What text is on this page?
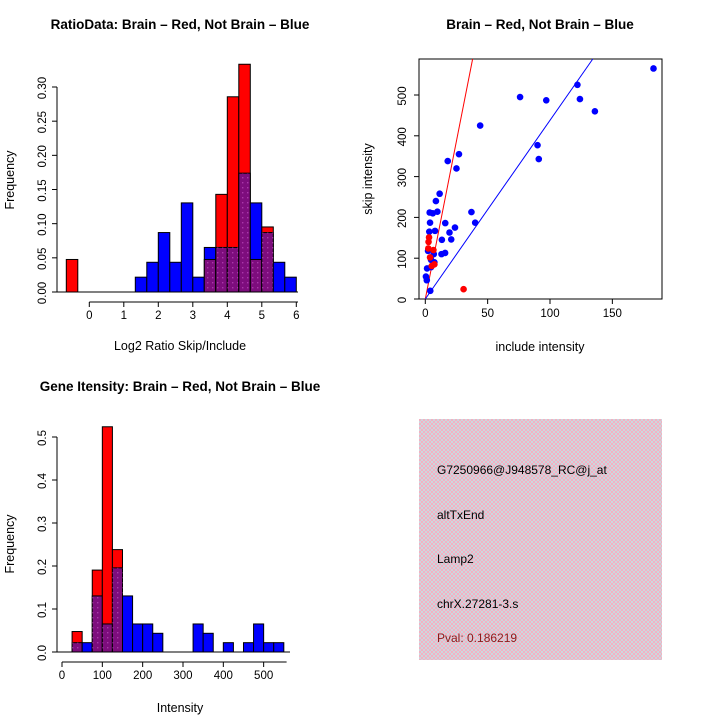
RatioData: Brain – Red, Not Brain – Blue
Log2 Ratio Skip/Include
Frequency
0 1 2 3 4 5 6
0.00
0.05
0.10
0.15
0.20
0.25
0.30
Brain – Red, Not Brain – Blue
include intensity
skip intensity
0	50	100	150
0
100
200
300
400
500
Gene Itensity: Brain – Red, Not Brain – Blue
Intensity
Frequency
0 100 200 300 400 500
0.0
0.1
0.2
0.3
0.4
0.5
G7250966@J948578_RC@j_at
altTxEnd
Lamp2
chrX.27281-3.s
Pval: 0.186219
